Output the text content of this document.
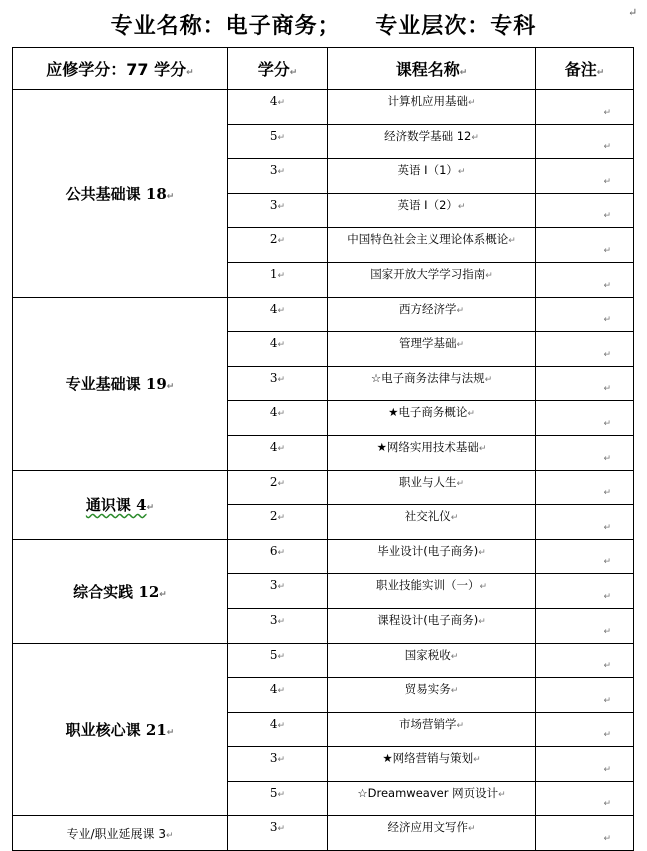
专业名称：电子商务；    专业层次：专科
↵
应修学分：77 学分↵	学分↵	课程名称↵	备注↵
公共基础课 18↵	4↵	计算机应用基础↵	↵

	5↵	经济数学基础 12↵	↵

	3↵	英语 I（1）↵	↵

	3↵	英语 I（2）↵	↵

	2↵	中国特色社会主义理论体系概论↵	↵

	1↵	国家开放大学学习指南↵	↵

专业基础课 19↵	4↵	西方经济学↵	↵

	4↵	管理学基础↵	↵

	3↵	☆电子商务法律与法规↵	↵

	4↵	★电子商务概论↵	↵

	4↵	★网络实用技术基础↵	↵

通识课 4↵	2↵	职业与人生↵	↵

	2↵	社交礼仪↵	↵

综合实践 12↵	6↵	毕业设计(电子商务)↵	↵

	3↵	职业技能实训（一）↵	↵

	3↵	课程设计(电子商务)↵	↵

职业核心课 21↵	5↵	国家税收↵	↵

	4↵	贸易实务↵	↵

	4↵	市场营销学↵	↵

	3↵	★网络营销与策划↵	↵

	5↵	☆Dreamweaver 网页设计↵	↵

专业/职业延展课 3↵	3↵	经济应用文写作↵	↵
